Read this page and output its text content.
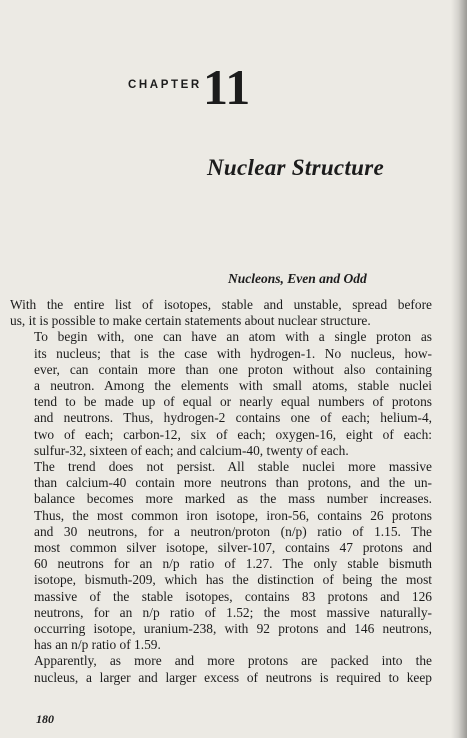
CHAPTER 11
Nuclear Structure
Nucleons, Even and Odd

With the entire list of isotopes, stable and unstable, spread before
us, it is possible to make certain statements about nuclear structure.

To begin with, one can have an atom with a single proton as
its nucleus; that is the case with hydrogen-1. No nucleus, how-
ever, can contain more than one proton without also containing
a neutron. Among the elements with small atoms, stable nuclei
tend to be made up of equal or nearly equal numbers of protons
and neutrons. Thus, hydrogen-2 contains one of each; helium-4,
two of each; carbon-12, six of each; oxygen-16, eight of each:
sulfur-32, sixteen of each; and calcium-40, twenty of each.

The trend does not persist. All stable nuclei more massive
than calcium-40 contain more neutrons than protons, and the un-
balance becomes more marked as the mass number increases.
Thus, the most common iron isotope, iron-56, contains 26 protons
and 30 neutrons, for a neutron/proton (n/p) ratio of 1.15. The
most common silver isotope, silver-107, contains 47 protons and
60 neutrons for an n/p ratio of 1.27. The only stable bismuth
isotope, bismuth-209, which has the distinction of being the most
massive of the stable isotopes, contains 83 protons and 126
neutrons, for an n/p ratio of 1.52; the most massive naturally-
occurring isotope, uranium-238, with 92 protons and 146 neutrons,
has an n/p ratio of 1.59.

Apparently, as more and more protons are packed into the
nucleus, a larger and larger excess of neutrons is required to keep

180
